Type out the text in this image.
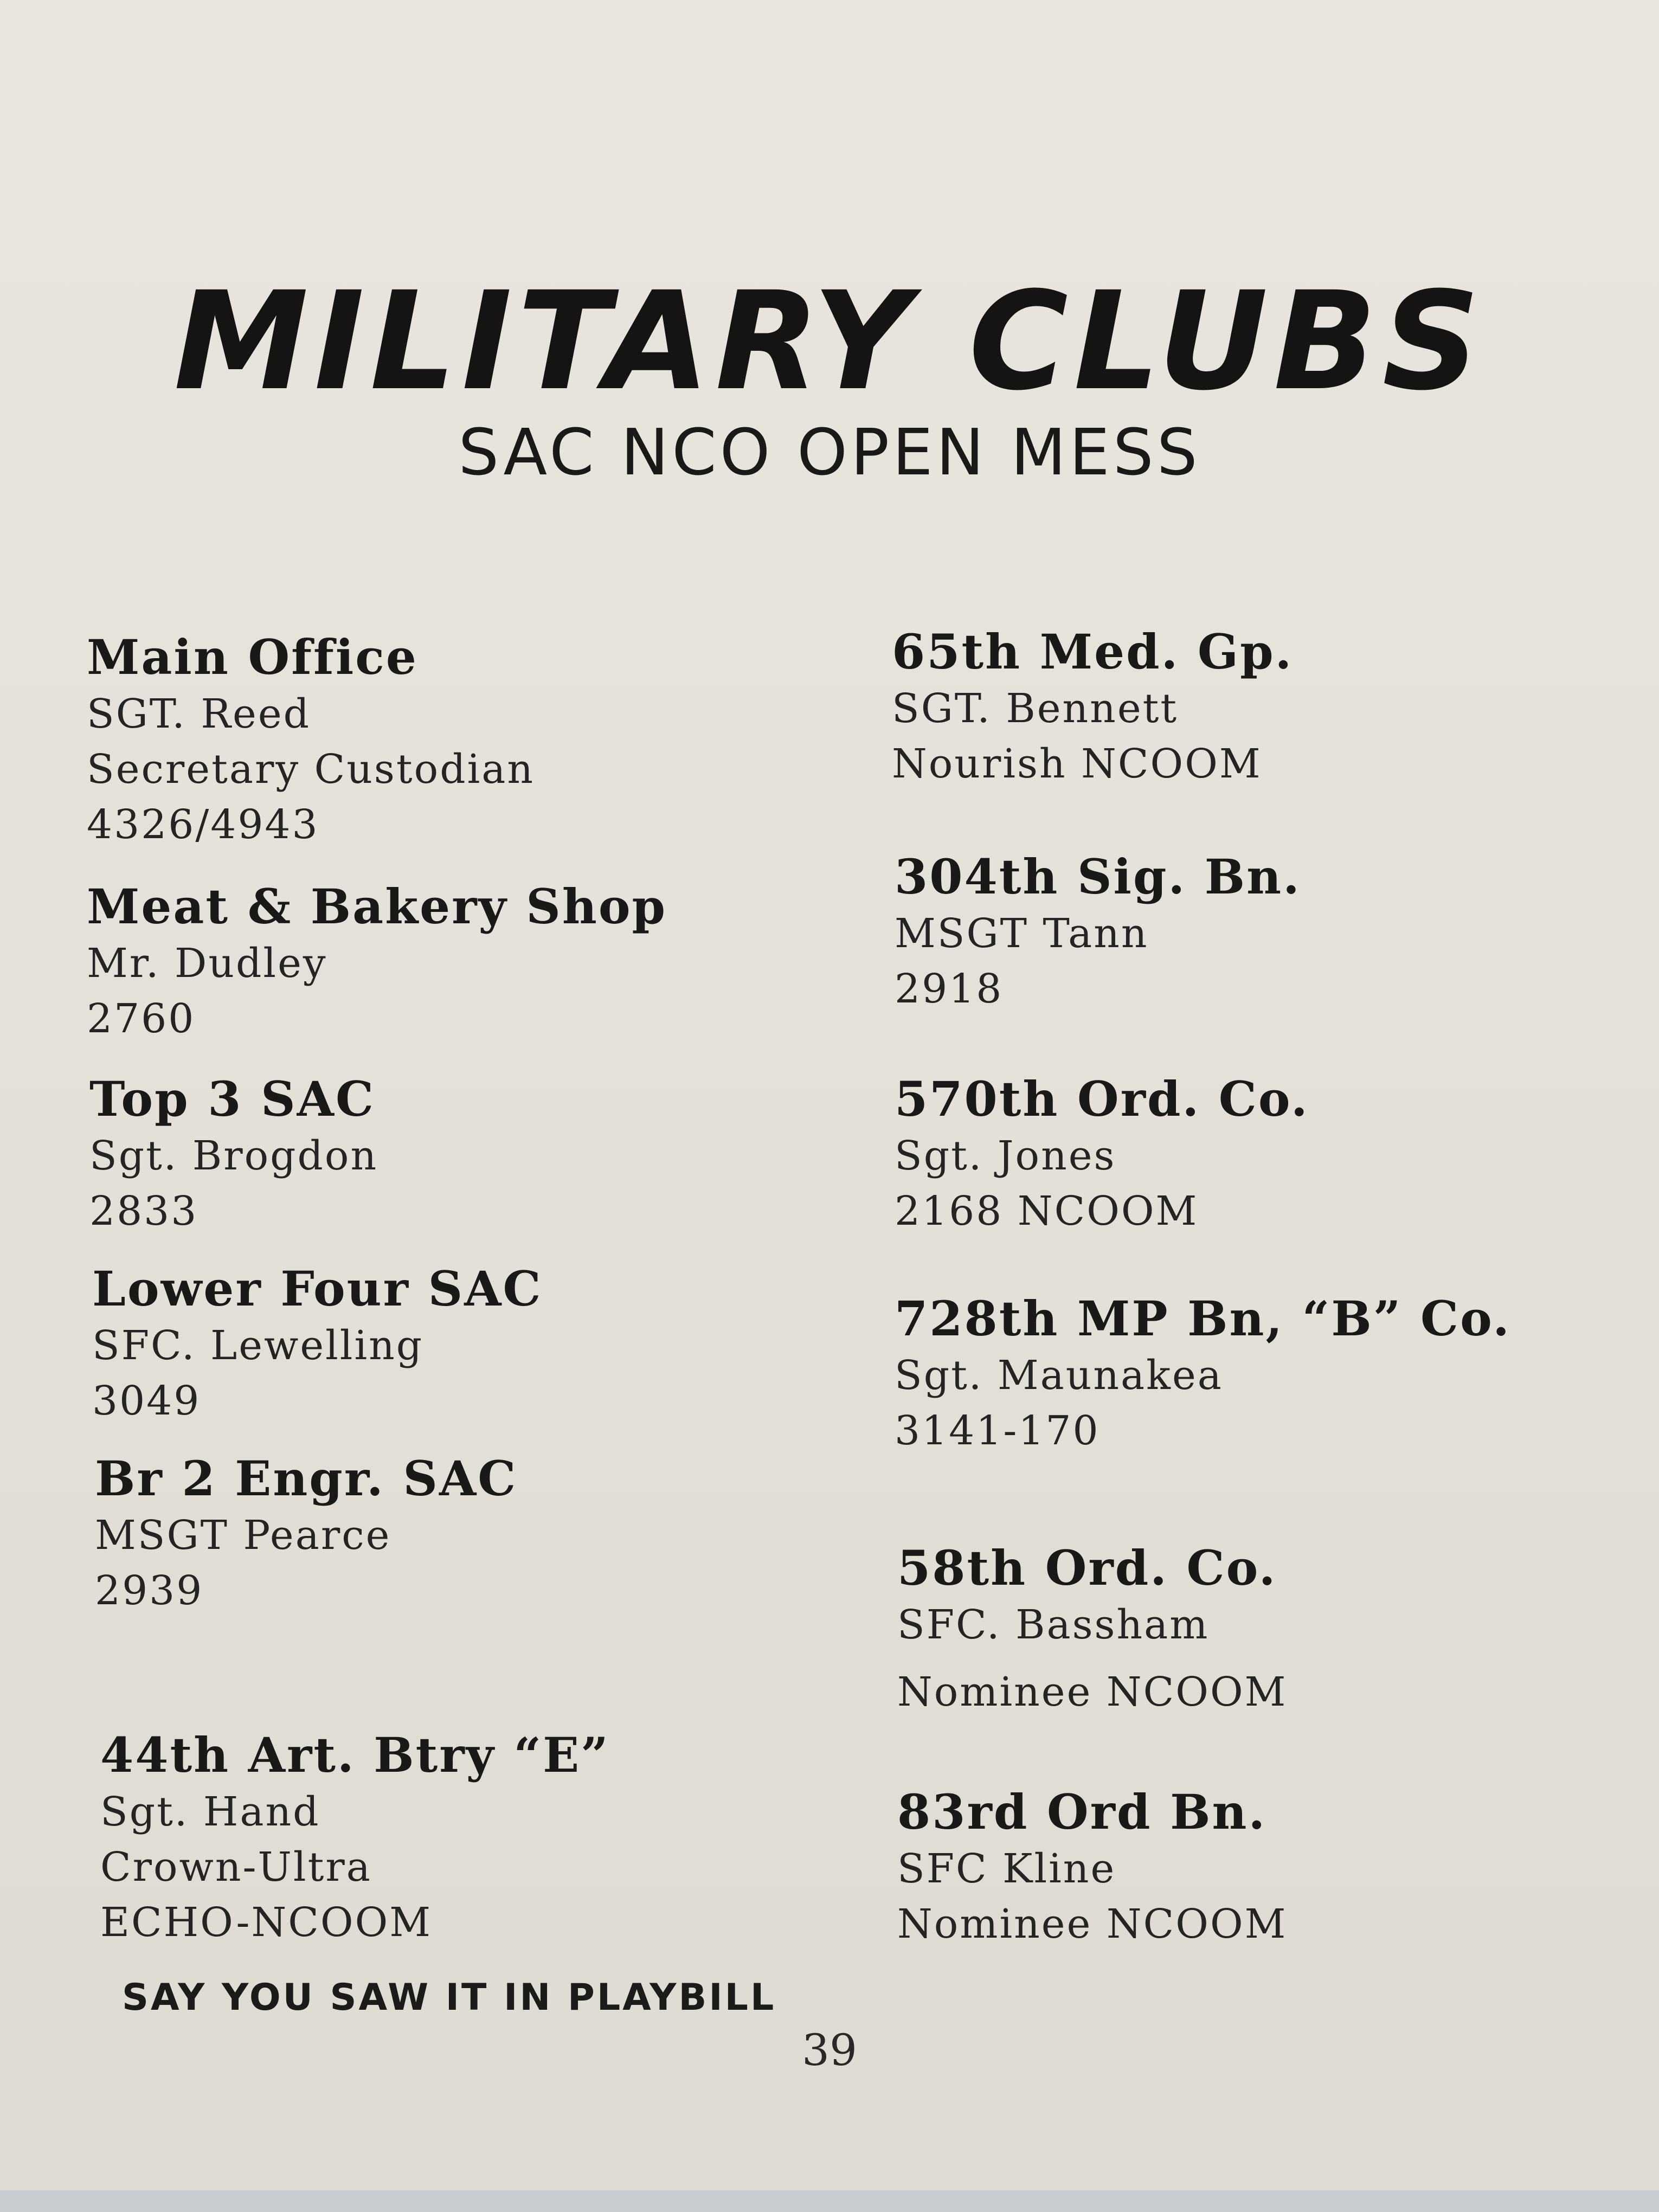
MILITARY CLUBS
SAC NCO OPEN MESS
Main Office
SGT. Reed
Secretary Custodian
4326/4943
Meat & Bakery Shop
Mr. Dudley
2760
Top 3 SAC
Sgt. Brogdon
2833
Lower Four SAC
SFC. Lewelling
3049
Br 2 Engr. SAC
MSGT Pearce
2939
44th Art. Btry “E”
Sgt. Hand
Crown-Ultra
ECHO-NCOOM
65th Med. Gp.
SGT. Bennett
Nourish NCOOM
304th Sig. Bn.
MSGT Tann
2918
570th Ord. Co.
Sgt. Jones
2168 NCOOM
728th MP Bn, “B” Co.
Sgt. Maunakea
3141-170
58th Ord. Co.
SFC. Bassham
Nominee NCOOM
83rd Ord Bn.
SFC Kline
Nominee NCOOM
SAY YOU SAW IT IN PLAYBILL
39
